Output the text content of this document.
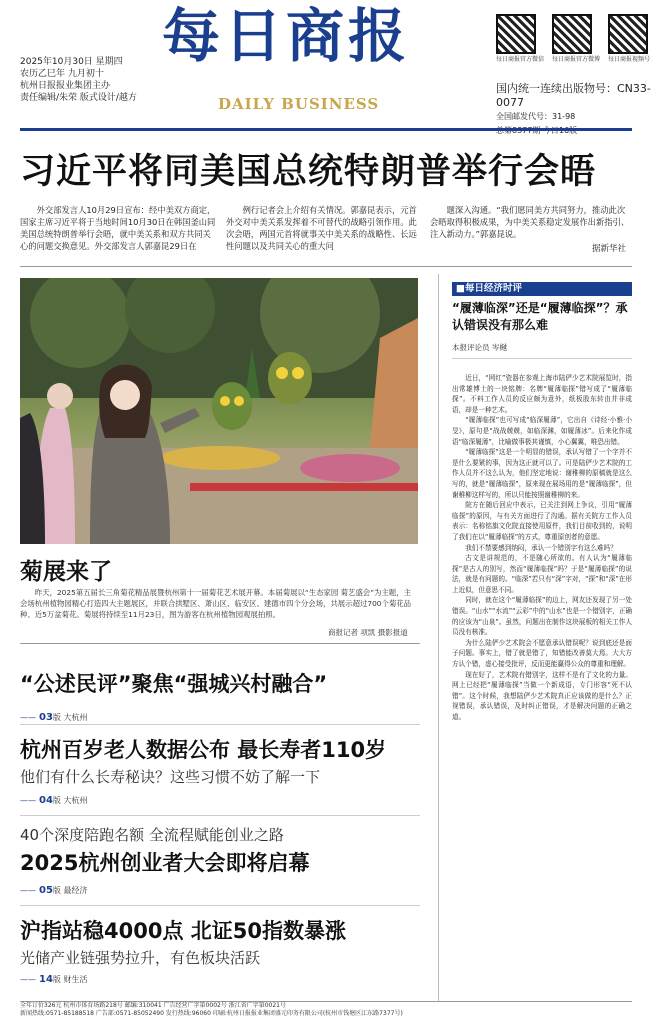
2025年10月30日 星期四
农历乙巳年 九月初十
杭州日报报业集团主办
责任编辑/朱荣 版式设计/越方
每日商报
DAILY BUSINESS
每日商报官方微信 每日商报官方微博 每日商报视频号
国内统一连续出版物号：CN33-0077
全国邮发代号：31-98
习近平将同美国总统特朗普举行会晤
外交部发言人10月29日宣布：经中美双方商定，国家主席习近平将于当地时间10月30日在韩国釜山同美国总统特朗普举行会晤，就中美关系和双方共同关心的问题交换意见。外交部发言人郭嘉昆29日在
例行记者会上介绍有关情况。郭嘉昆表示，元首外交对中美关系发挥着不可替代的战略引领作用。此次会晤，两国元首将就事关中美关系的战略性、长远性问题以及共同关心的重大问
题深入沟通。“我们愿同美方共同努力，推动此次会晤取得积极成果，为中美关系稳定发展作出新指引、注入新动力。”郭嘉昆说。
据新华社
菊展来了
昨天，2025第五届长三角菊花精品展暨杭州第十一届菊花艺术展开幕。本届菊展以“生态家园 菊艺盛会”为主题，主会场杭州植物园精心打造四大主题展区，并联合拱墅区、萧山区、临安区、建德市四个分会场，共展示超过700个菊花品种、近5万盆菊花。菊展将持续至11月23日，图为游客在杭州植物园观展拍照。
商报记者 项凯 摄影报道
“公述民评”聚焦“强城兴村融合”
—— 03版 大杭州
杭州百岁老人数据公布 最长寿者110岁
他们有什么长寿秘诀？这些习惯不妨了解一下
—— 04版 大杭州
40个深度陪跑名额 全流程赋能创业之路
2025杭州创业者大会即将启幕
—— 05版 最经济
沪指站稳4000点 北证50指数暴涨
光储产业链强势拉升，有色板块活跃
—— 14版 财生活
■每日经济时评
“履薄临深”还是“履薄临探”？承认错误没有那么难
本报评论员 岑樾

近日，“网红”瓷器在参观上海市陆俨少艺术院展览时，指出常雄博士的一块铭牌：名牌“履薄临探”错写成了“履薄临探”。不料工作人员的反应颇为意外，纸板股东转由并非成语，却是一种艺术。

“履薄临探”也可写成“临深履薄”，它出自《诗经·小雅·小旻》，原句是“战战兢兢，如临深渊，如履薄冰”。后来化作成语“临深履薄”，比喻做事极其谨慎，小心翼翼，唯恐出错。

“履薄临探”这是一个明显的错误，承认写错了一个字并不是什么要紧的事，因为这正就可以了。可是陆俨少艺术院的工作人员并不这么认为，他们坚定地说：谢稚柳的原稿就是这么写的，就是“履薄临探”，原来现在展场用的是“履薄临探”，但谢稚柳这样写的，所以只能按照谢稚柳的来。

院方在随后回应中表示，已关注到网上争议，引用“履薄临探”的原因，与有关方面进行了沟通。据有关院方工作人员表示：名称铭旗文化院直接使用原件，我们目前收到的，说明了我们在以“履薄临探”的方式，尊重原创者的意愿。

我们不禁要感到纳闷，承认一个错别字有这么难吗？

古文是讲规范的，不是随心所欲的。有人认为“履薄临探”是古人的别写，然而“履薄临探”吗？于是“履薄临探”的说法，就是有问题的。“临深”若只有“深”字对，“探”和“深”在形上近似，但意思不同。

同时，就在这个“履薄临探”的边上，网友还发现了另一处错误。“山水”“水流”“云彩”中的“山水”也是一个错别字，正确的应该为“山泉”。虽然，问题出在制作这块展板的相关工作人员没有核准。

为什么陆俨少艺术院会不愿意承认错误呢？说到底还是面子问题。事实上，错了就是错了，知错能改善莫大焉。大大方方认个错，虚心接受批评，反而更能赢得公众的尊重和理解。

现在好了，艺术院有错别字，这样不是有了文化的力量。网上已经把“履薄临探”当做一个新成语，专门形容“死不认错”。这个时候，我想陆俨少艺术院真正应该做的是什么？正视错误，承认错误，及时纠正错误，才是解决问题的正确之道。

全年订价326元 杭州市体育场路218号 邮编:310041 广告经营广字第0002号 浙江省广字第0021号
新闻热线:0571-85188518 广告部:0571-85052490 发行热线:96060 印刷:杭州日报报业集团盛元印务有限公司(杭州市钱塘区江东路7377号)
